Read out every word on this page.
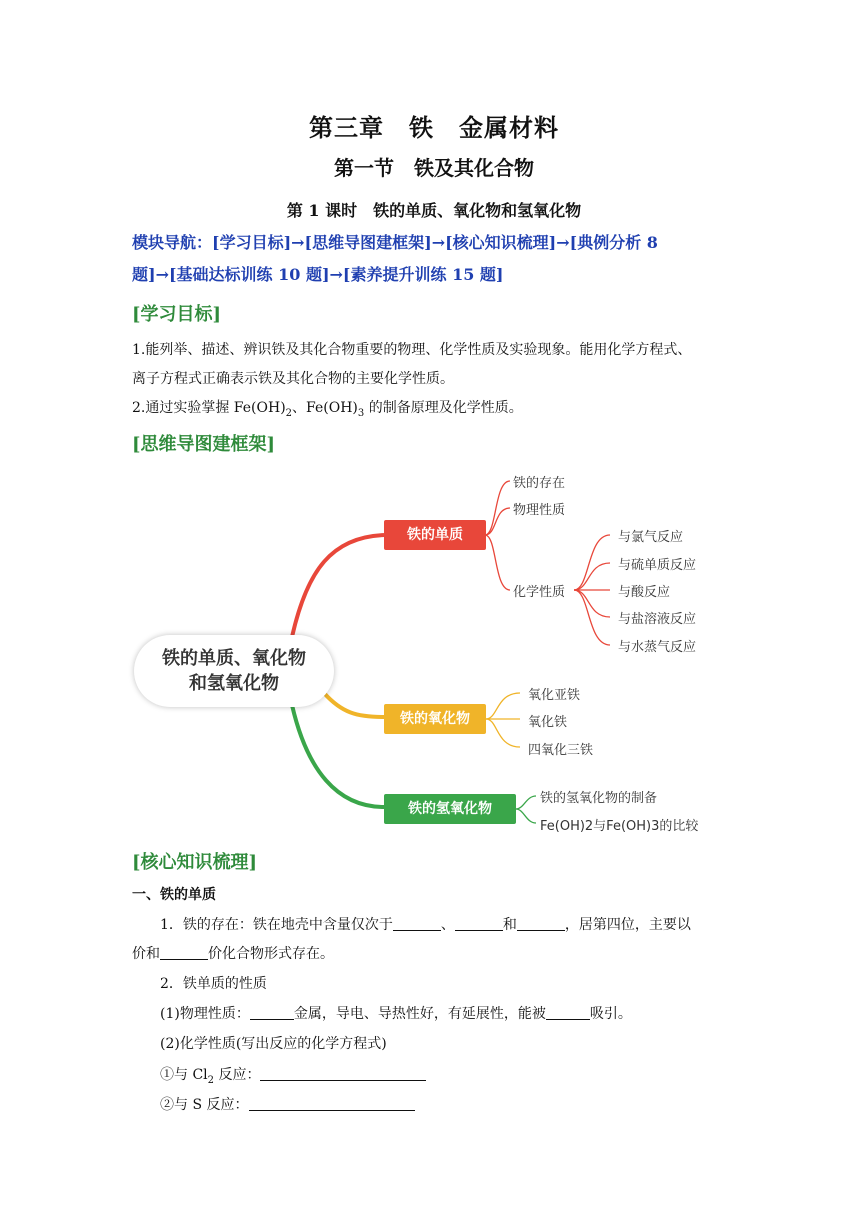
第三章　铁　金属材料
第一节　铁及其化合物
第 1 课时　铁的单质、氧化物和氢氧化物
模块导航：[学习目标]→[思维导图建框架]→[核心知识梳理]→[典例分析 8
题]→[基础达标训练 10 题]→[素养提升训练 15 题]
[学习目标]
1.能列举、描述、辨识铁及其化合物重要的物理、化学性质及实验现象。能用化学方程式、
离子方程式正确表示铁及其化合物的主要化学性质。
2.通过实验掌握 $Fe(OH)_2$、$Fe(OH)_3$ 的制备原理及化学性质。
[思维导图建框架]
铁的单质、氧化物
和氢氧化物
铁的单质
铁的氧化物
铁的氢氧化物
铁的存在
物理性质
化学性质
与氯气反应
与硫单质反应
与酸反应
与盐溶液反应
与水蒸气反应
氧化亚铁
氧化铁
四氧化三铁
铁的氢氧化物的制备
Fe(OH)2与Fe(OH)3的比较
[核心知识梳理]
一、铁的单质
1．铁的存在：铁在地壳中含量仅次于	、	和	，居第四位，主要以
价和	价化合物形式存在。
2．铁单质的性质
(1)物理性质：	金属，导电、导热性好，有延展性，能被	吸引。
(2)化学性质(写出反应的化学方程式)
①与 $Cl_2$ 反应：
②与 S 反应：
